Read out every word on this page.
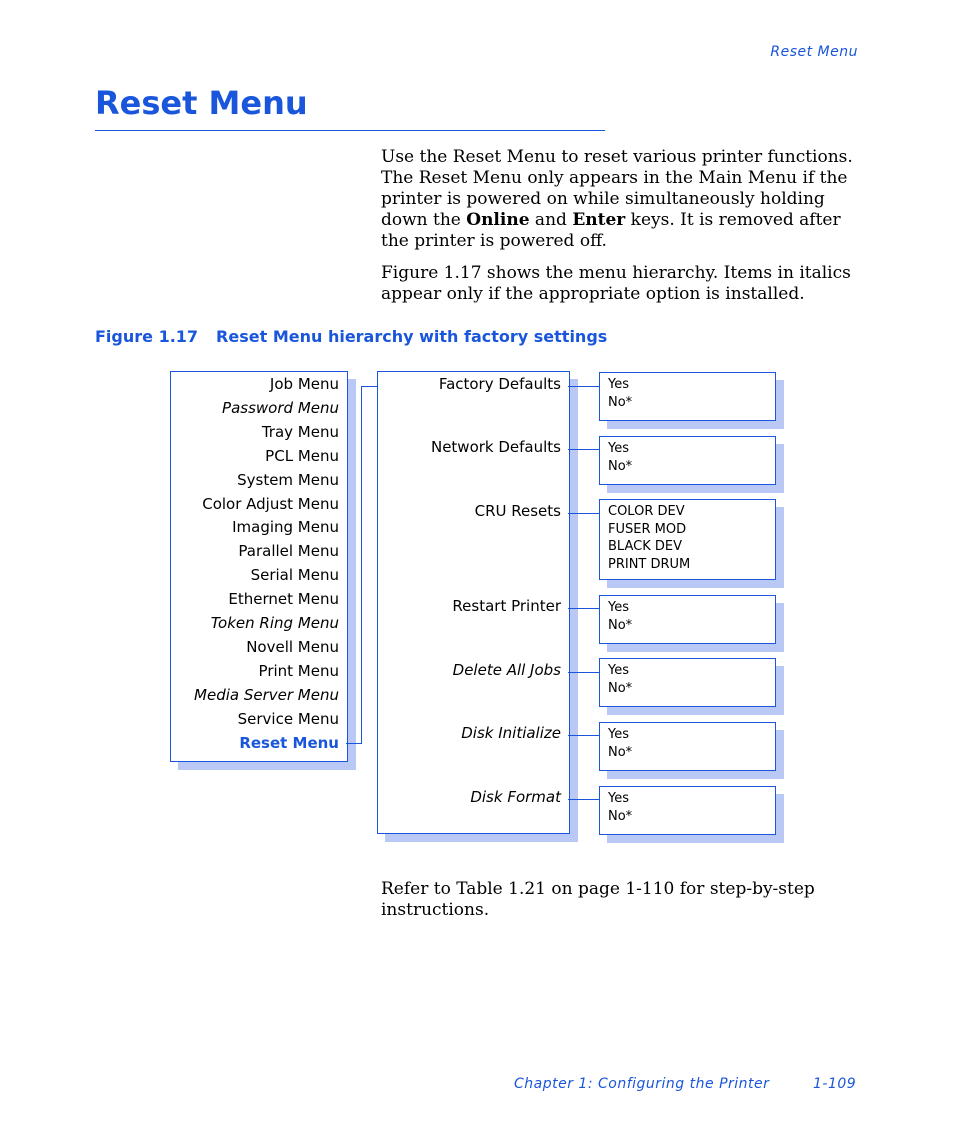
Reset Menu
Reset Menu

Use the Reset Menu to reset various printer functions. The Reset Menu only appears in the Main Menu if the printer is powered on while simultaneously holding down the Online and Enter keys. It is removed after the printer is powered off.

Figure 1.17 shows the menu hierarchy. Items in italics appear only if the appropriate option is installed.

Figure 1.17 Reset Menu hierarchy with factory settings
Job Menu
Password Menu
Tray Menu
PCL Menu
System Menu
Color Adjust Menu
Imaging Menu
Parallel Menu
Serial Menu
Ethernet Menu
Token Ring Menu
Novell Menu
Print Menu
Media Server Menu
Service Menu
Reset Menu
Factory Defaults	Yes
No*
Network Defaults	Yes
No*
CRU Resets	COLOR DEV
FUSER MOD
BLACK DEV
PRINT DRUM
Restart Printer	Yes
No*
Delete All Jobs	Yes
No*
Disk Initialize	Yes
No*
Disk Format	Yes
No*
Refer to Table 1.21 on page 1-110 for step-by-step instructions.
Chapter 1: Configuring the Printer	1-109
